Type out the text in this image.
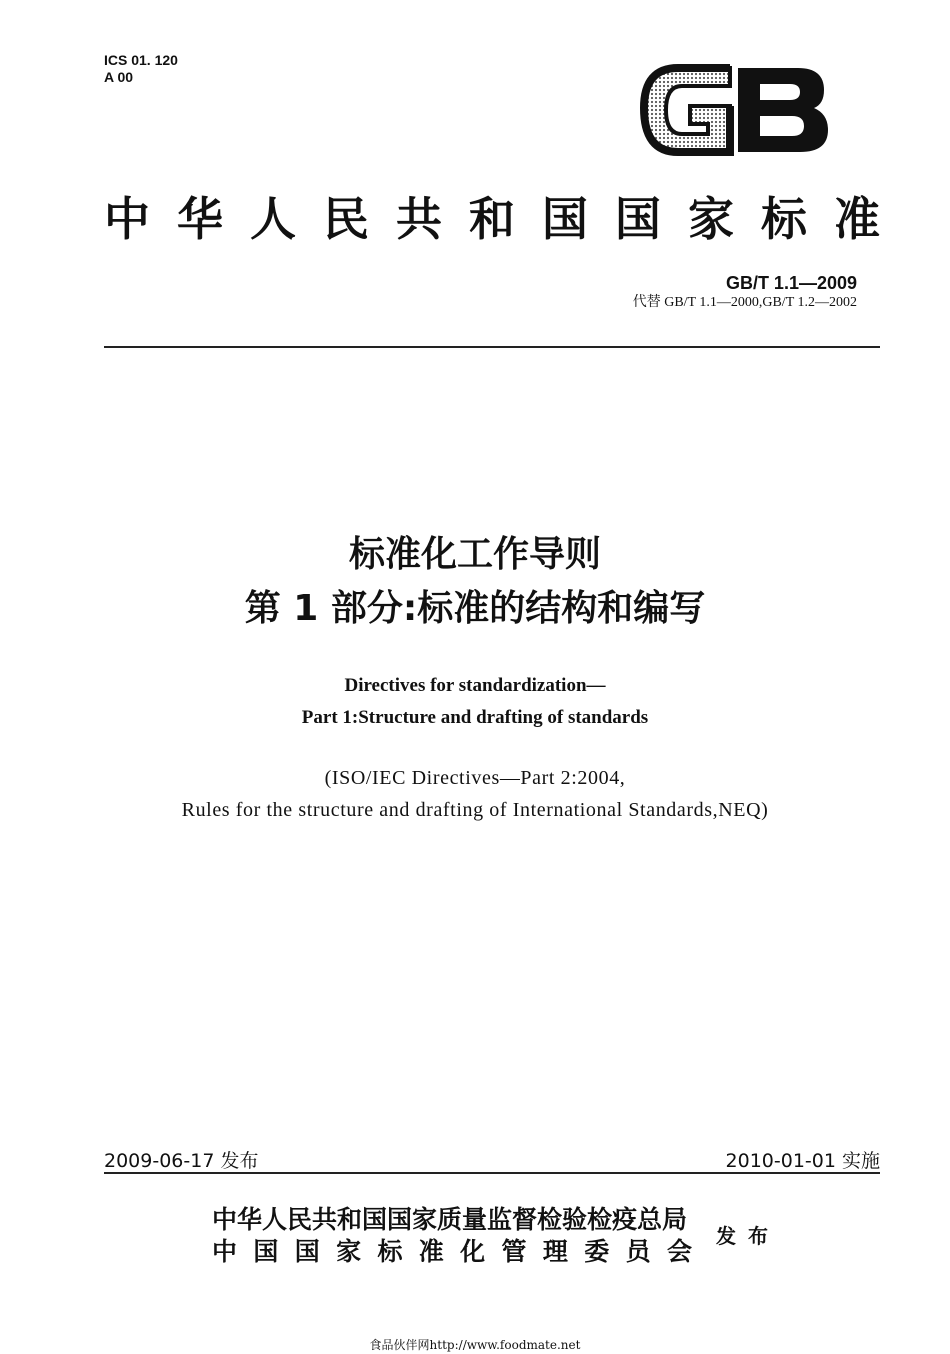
ICS 01. 120
A 00
中 华 人 民 共 和 国 国 家 标 准
GB/T 1.1—2009
代替 GB/T 1.1—2000,GB/T 1.2—2002
标准化工作导则
第 1 部分:标准的结构和编写
Directives for standardization—
Part 1:Structure and drafting of standards
(ISO/IEC Directives—Part 2:2004,
Rules for the structure and drafting of International Standards,NEQ)
2009-06-17 发布	2010-01-01 实施
中华人民共和国国家质量监督检验检疫总局
中 国 国 家 标 准 化 管 理 委 员 会
发布
食品伙伴网http://www.foodmate.net
